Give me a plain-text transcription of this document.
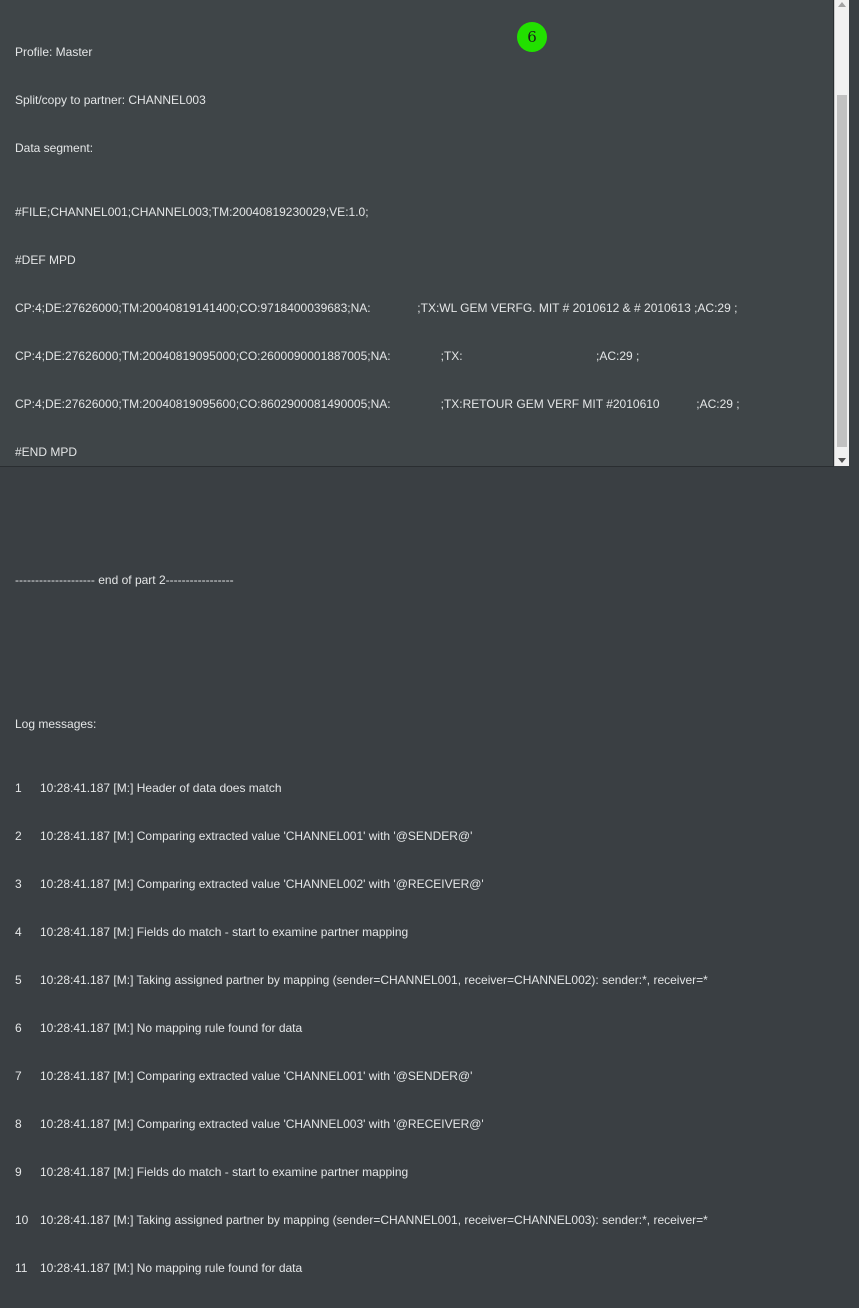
Profile: Master

Split/copy to partner: CHANNEL003

Data segment:

#FILE;CHANNEL001;CHANNEL003;TM:20040819230029;VE:1.0;

#DEF MPD

CP:4;DE:27626000;TM:20040819141400;CO:9718400039683;NA:              ;TX:WL GEM VERFG. MIT # 2010612 & # 2010613 ;AC:29 ;

CP:4;DE:27626000;TM:20040819095000;CO:2600090001887005;NA:               ;TX:                                        ;AC:29 ;

CP:4;DE:27626000;TM:20040819095600;CO:8602900081490005;NA:               ;TX:RETOUR GEM VERF MIT #2010610           ;AC:29 ;

#END MPD

-------------------- end of part 2-----------------

Log messages:

1	10:28:41.187 [M:] Header of data does match

2	10:28:41.187 [M:] Comparing extracted value 'CHANNEL001' with '@SENDER@'

3	10:28:41.187 [M:] Comparing extracted value 'CHANNEL002' with '@RECEIVER@'

4	10:28:41.187 [M:] Fields do match - start to examine partner mapping

5	10:28:41.187 [M:] Taking assigned partner by mapping (sender=CHANNEL001, receiver=CHANNEL002): sender:*, receiver=*

6	10:28:41.187 [M:] No mapping rule found for data

7	10:28:41.187 [M:] Comparing extracted value 'CHANNEL001' with '@SENDER@'

8	10:28:41.187 [M:] Comparing extracted value 'CHANNEL003' with '@RECEIVER@'

9	10:28:41.187 [M:] Fields do match - start to examine partner mapping

10 10:28:41.187 [M:] Taking assigned partner by mapping (sender=CHANNEL001, receiver=CHANNEL003): sender:*, receiver=*

11	10:28:41.187 [M:] No mapping rule found for data

6
